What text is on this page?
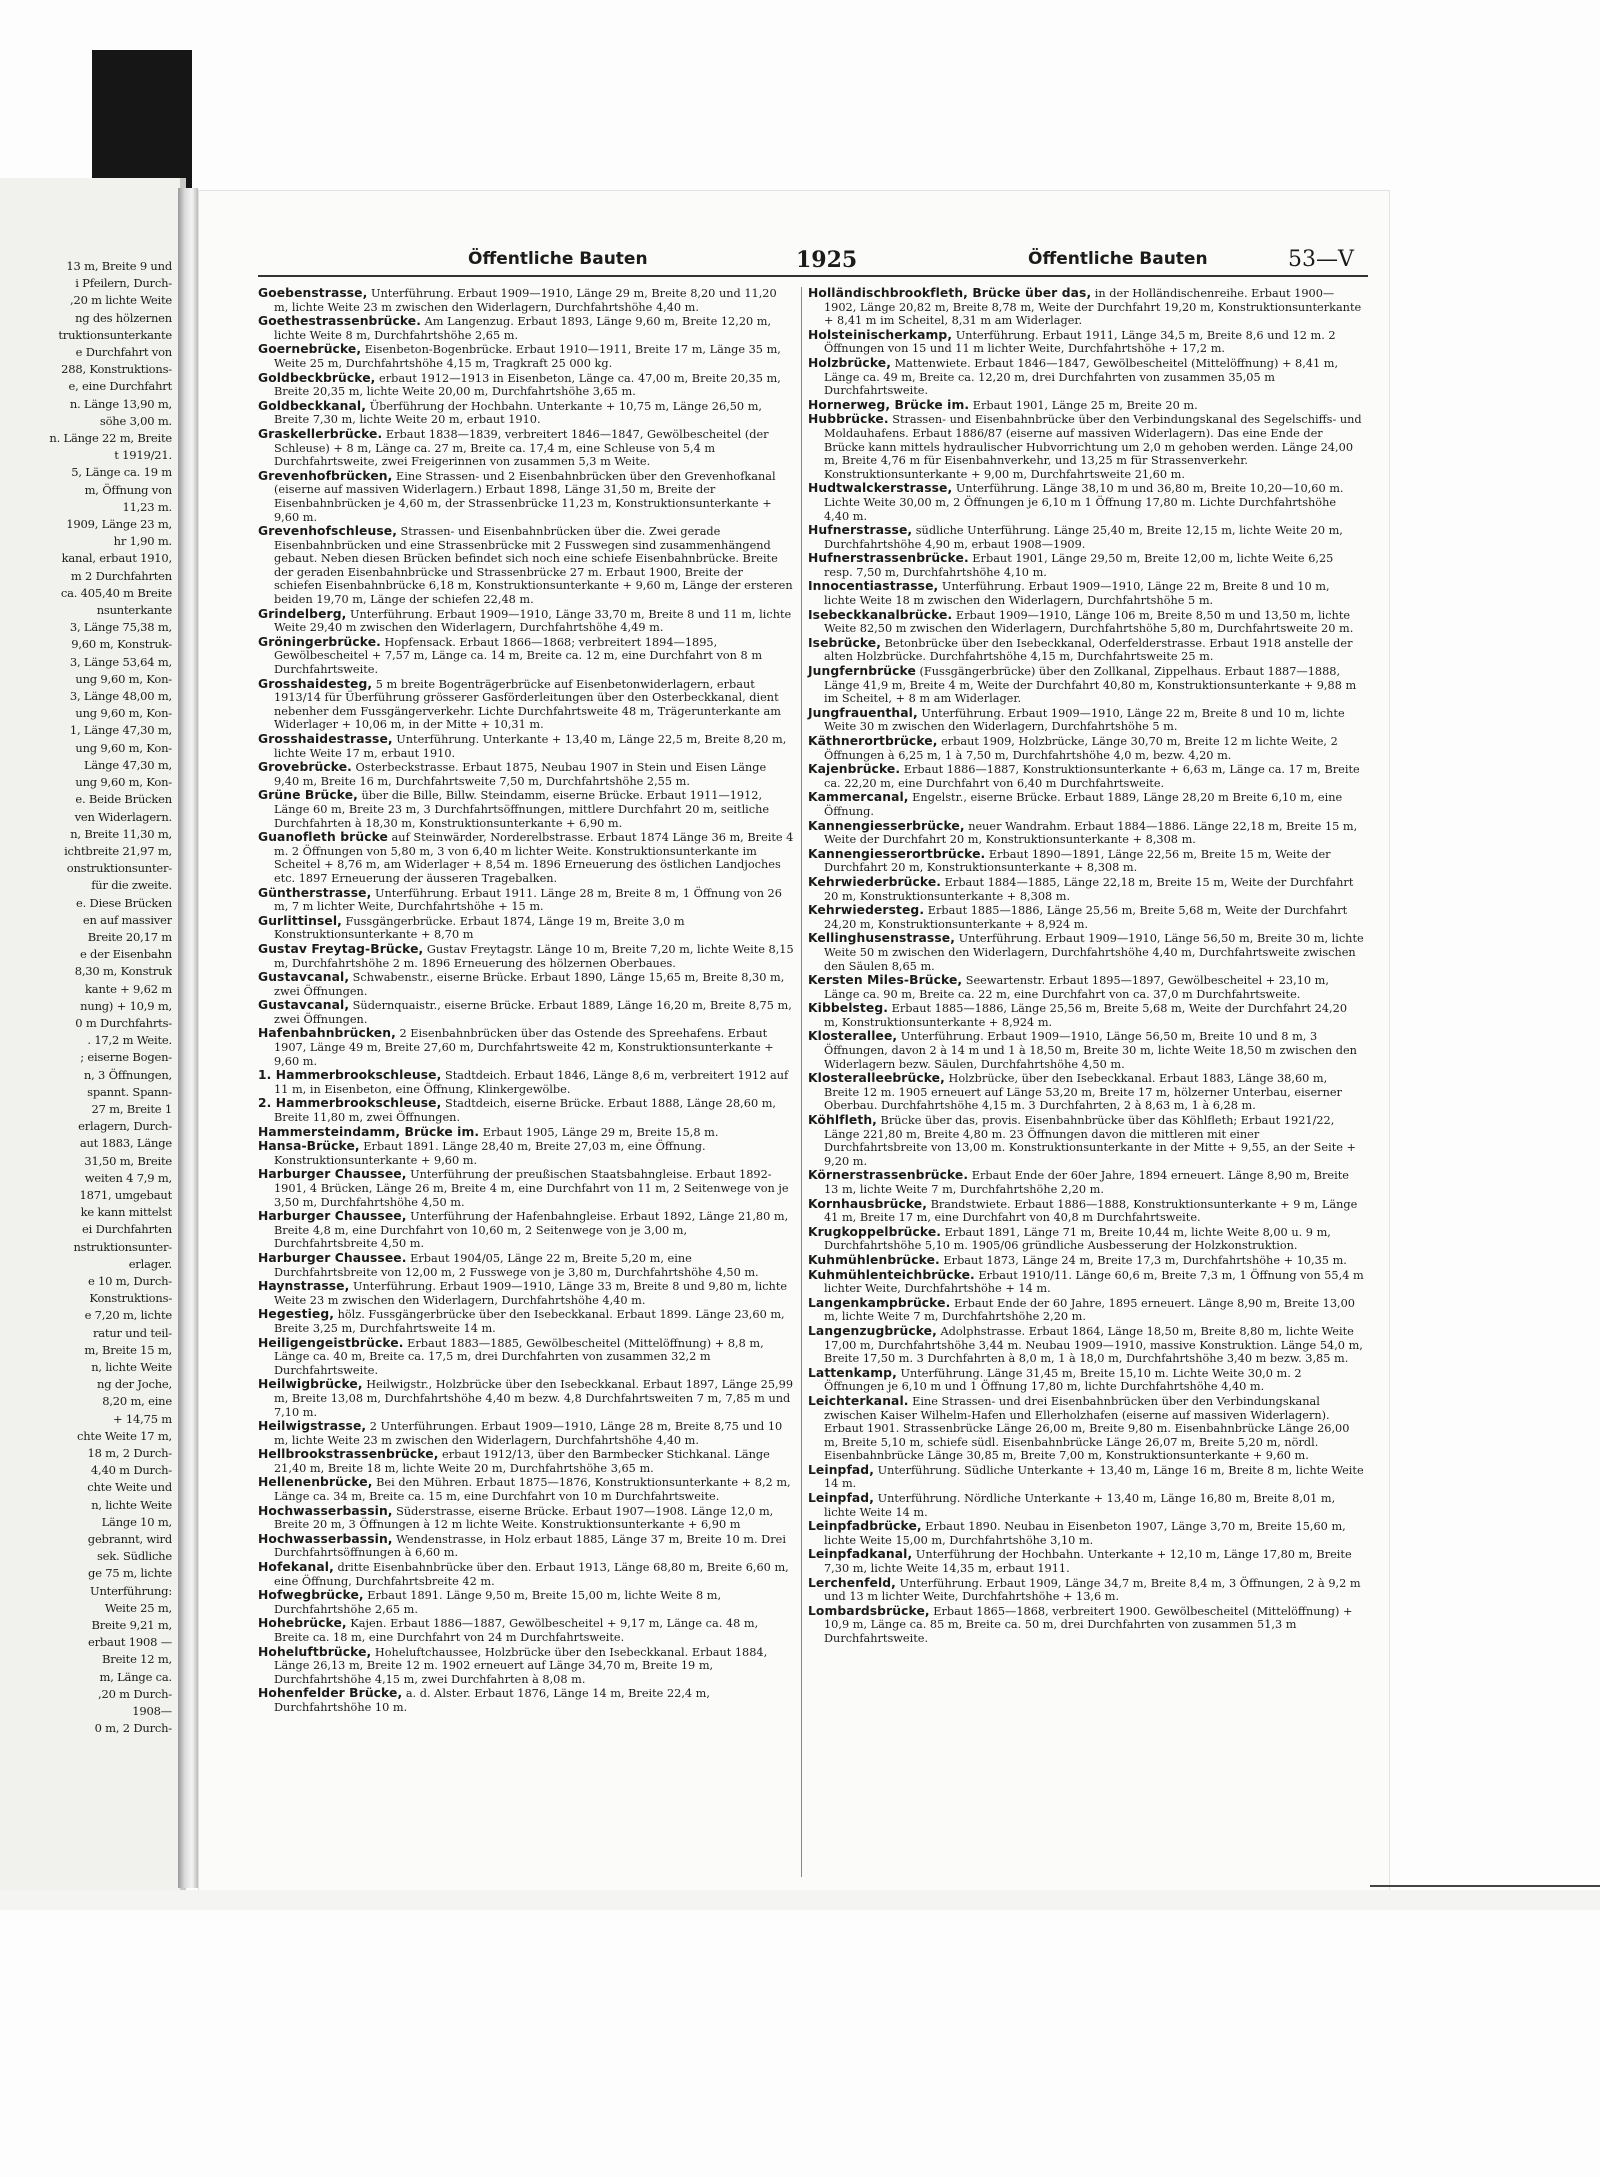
13 m, Breite 9 und
i Pfeilern, Durch-
,20 m lichte Weite
ng des hölzernen
truktionsunterkante
e Durchfahrt von
288, Konstruktions-
e, eine Durchfahrt
n. Länge 13,90 m,
söhe 3,00 m.
n. Länge 22 m, Breite
t 1919/21.
5, Länge ca. 19 m
m, Öffnung von
11,23 m.
1909, Länge 23 m,
hr 1,90 m.
kanal, erbaut 1910,
m 2 Durchfahrten
ca. 405,40 m Breite
nsunterkante
3, Länge 75,38 m,
9,60 m, Konstruk-
3, Länge 53,64 m,
ung 9,60 m, Kon-
3, Länge 48,00 m,
ung 9,60 m, Kon-
1, Länge 47,30 m,
ung 9,60 m, Kon-
Länge 47,30 m,
ung 9,60 m, Kon-
e. Beide Brücken
ven Widerlagern.
n, Breite 11,30 m,
ichtbreite 21,97 m,
onstruktionsunter-
für die zweite.
e. Diese Brücken
en auf massiver
Breite 20,17 m
e der Eisenbahn
8,30 m, Konstruk
kante + 9,62 m
nung) + 10,9 m,
0 m Durchfahrts-
. 17,2 m Weite.
; eiserne Bogen-
n, 3 Öffnungen,
spannt. Spann-
27 m, Breite 1
erlagern, Durch-
aut 1883, Länge
31,50 m, Breite
weiten 4 7,9 m,
1871, umgebaut
ke kann mittelst
ei Durchfahrten
nstruktionsunter-
erlager.
e 10 m, Durch-
Konstruktions-
e 7,20 m, lichte
ratur und teil-
m, Breite 15 m,
n, lichte Weite
ng der Joche,
8,20 m, eine
+ 14,75 m
chte Weite 17 m,
18 m, 2 Durch-
4,40 m Durch-
chte Weite und
n, lichte Weite
Länge 10 m,
gebrannt, wird
sek. Südliche
ge 75 m, lichte
Unterführung:
Weite 25 m,
Breite 9,21 m,
erbaut 1908 —
Breite 12 m,
m, Länge ca.
,20 m Durch-
1908—
0 m, 2 Durch-
Öffentliche Bauten	1925	Öffentliche Bauten	53—V

Goebenstrasse, Unterführung. Erbaut 1909—1910, Länge 29 m, Breite 8,20 und 11,20 m, lichte Weite 23 m zwischen den Widerlagern, Durchfahrtshöhe 4,40 m.

Goethestrassenbrücke. Am Langenzug. Erbaut 1893, Länge 9,60 m, Breite 12,20 m, lichte Weite 8 m, Durchfahrtshöhe 2,65 m.

Goernebrücke, Eisenbeton-Bogenbrücke. Erbaut 1910—1911, Breite 17 m, Länge 35 m, Weite 25 m, Durchfahrtshöhe 4,15 m, Tragkraft 25 000 kg.

Goldbeckbrücke, erbaut 1912—1913 in Eisenbeton, Länge ca. 47,00 m, Breite 20,35 m, Breite 20,35 m, lichte Weite 20,00 m, Durchfahrtshöhe 3,65 m.

Goldbeckkanal, Überführung der Hochbahn. Unterkante + 10,75 m, Länge 26,50 m, Breite 7,30 m, lichte Weite 20 m, erbaut 1910.

Graskellerbrücke. Erbaut 1838—1839, verbreitert 1846—1847, Gewölbescheitel (der Schleuse) + 8 m, Länge ca. 27 m, Breite ca. 17,4 m, eine Schleuse von 5,4 m Durchfahrtsweite, zwei Freigerinnen von zusammen 5,3 m Weite.

Grevenhofbrücken, Eine Strassen- und 2 Eisenbahnbrücken über den Grevenhofkanal (eiserne auf massiven Widerlagern.) Erbaut 1898, Länge 31,50 m, Breite der Eisenbahnbrücken je 4,60 m, der Strassenbrücke 11,23 m, Konstruktionsunterkante + 9,60 m.

Grevenhofschleuse, Strassen- und Eisenbahnbrücken über die. Zwei gerade Eisenbahnbrücken und eine Strassenbrücke mit 2 Fusswegen sind zusammenhängend gebaut. Neben diesen Brücken befindet sich noch eine schiefe Eisenbahnbrücke. Breite der geraden Eisenbahnbrücke und Strassenbrücke 27 m. Erbaut 1900, Breite der schiefen Eisenbahnbrücke 6,18 m, Konstruktionsunterkante + 9,60 m, Länge der ersteren beiden 19,70 m, Länge der schiefen 22,48 m.

Grindelberg, Unterführung. Erbaut 1909—1910, Länge 33,70 m, Breite 8 und 11 m, lichte Weite 29,40 m zwischen den Widerlagern, Durchfahrtshöhe 4,49 m.

Gröningerbrücke. Hopfensack. Erbaut 1866—1868; verbreitert 1894—1895, Gewölbescheitel + 7,57 m, Länge ca. 14 m, Breite ca. 12 m, eine Durchfahrt von 8 m Durchfahrtsweite.

Grosshaidesteg, 5 m breite Bogenträgerbrücke auf Eisenbetonwiderlagern, erbaut 1913/14 für Überführung grösserer Gasförderleitungen über den Osterbeckkanal, dient nebenher dem Fussgängerverkehr. Lichte Durchfahrtsweite 48 m, Trägerunterkante am Widerlager + 10,06 m, in der Mitte + 10,31 m.

Grosshaidestrasse, Unterführung. Unterkante + 13,40 m, Länge 22,5 m, Breite 8,20 m, lichte Weite 17 m, erbaut 1910.

Grovebrücke. Osterbeckstrasse. Erbaut 1875, Neubau 1907 in Stein und Eisen Länge 9,40 m, Breite 16 m, Durchfahrtsweite 7,50 m, Durchfahrtshöhe 2,55 m.

Grüne Brücke, über die Bille, Billw. Steindamm, eiserne Brücke. Erbaut 1911—1912, Länge 60 m, Breite 23 m, 3 Durchfahrtsöffnungen, mittlere Durchfahrt 20 m, seitliche Durchfahrten à 18,30 m, Konstruktionsunterkante + 6,90 m.

Guanofleth brücke auf Steinwärder, Norderelbstrasse. Erbaut 1874 Länge 36 m, Breite 4 m. 2 Öffnungen von 5,80 m, 3 von 6,40 m lichter Weite. Konstruktionsunterkante im Scheitel + 8,76 m, am Widerlager + 8,54 m. 1896 Erneuerung des östlichen Landjoches etc. 1897 Erneuerung der äusseren Tragebalken.

Güntherstrasse, Unterführung. Erbaut 1911. Länge 28 m, Breite 8 m, 1 Öffnung von 26 m, 7 m lichter Weite, Durchfahrtshöhe + 15 m.

Gurlittinsel, Fussgängerbrücke. Erbaut 1874, Länge 19 m, Breite 3,0 m Konstruktionsunterkante + 8,70 m

Gustav Freytag-Brücke, Gustav Freytagstr. Länge 10 m, Breite 7,20 m, lichte Weite 8,15 m, Durchfahrtshöhe 2 m. 1896 Erneuerung des hölzernen Oberbaues.

Gustavcanal, Schwabenstr., eiserne Brücke. Erbaut 1890, Länge 15,65 m, Breite 8,30 m, zwei Öffnungen.

Gustavcanal, Südernquaistr., eiserne Brücke. Erbaut 1889, Länge 16,20 m, Breite 8,75 m, zwei Öffnungen.

Hafenbahnbrücken, 2 Eisenbahnbrücken über das Ostende des Spreehafens. Erbaut 1907, Länge 49 m, Breite 27,60 m, Durchfahrtsweite 42 m, Konstruktionsunterkante + 9,60 m.

1. Hammerbrookschleuse, Stadtdeich. Erbaut 1846, Länge 8,6 m, verbreitert 1912 auf 11 m, in Eisenbeton, eine Öffnung, Klinkergewölbe.

2. Hammerbrookschleuse, Stadtdeich, eiserne Brücke. Erbaut 1888, Länge 28,60 m, Breite 11,80 m, zwei Öffnungen.

Hammersteindamm, Brücke im. Erbaut 1905, Länge 29 m, Breite 15,8 m.

Hansa-Brücke, Erbaut 1891. Länge 28,40 m, Breite 27,03 m, eine Öffnung. Konstruktionsunterkante + 9,60 m.

Harburger Chaussee, Unterführung der preußischen Staatsbahngleise. Erbaut 1892-1901, 4 Brücken, Länge 26 m, Breite 4 m, eine Durchfahrt von 11 m, 2 Seitenwege von je 3,50 m, Durchfahrtshöhe 4,50 m.

Harburger Chaussee, Unterführung der Hafenbahngleise. Erbaut 1892, Länge 21,80 m, Breite 4,8 m, eine Durchfahrt von 10,60 m, 2 Seitenwege von je 3,00 m, Durchfahrtsbreite 4,50 m.

Harburger Chaussee. Erbaut 1904/05, Länge 22 m, Breite 5,20 m, eine Durchfahrtsbreite von 12,00 m, 2 Fusswege von je 3,80 m, Durchfahrtshöhe 4,50 m.

Haynstrasse, Unterführung. Erbaut 1909—1910, Länge 33 m, Breite 8 und 9,80 m, lichte Weite 23 m zwischen den Widerlagern, Durchfahrtshöhe 4,40 m.

Hegestieg, hölz. Fussgängerbrücke über den Isebeckkanal. Erbaut 1899. Länge 23,60 m, Breite 3,25 m, Durchfahrtsweite 14 m.

Heiligengeistbrücke. Erbaut 1883—1885, Gewölbescheitel (Mittelöffnung) + 8,8 m, Länge ca. 40 m, Breite ca. 17,5 m, drei Durchfahrten von zusammen 32,2 m Durchfahrtsweite.

Heilwigbrücke, Heilwigstr., Holzbrücke über den Isebeckkanal. Erbaut 1897, Länge 25,99 m, Breite 13,08 m, Durchfahrtshöhe 4,40 m bezw. 4,8 Durchfahrtsweiten 7 m, 7,85 m und 7,10 m.

Heilwigstrasse, 2 Unterführungen. Erbaut 1909—1910, Länge 28 m, Breite 8,75 und 10 m, lichte Weite 23 m zwischen den Widerlagern, Durchfahrtshöhe 4,40 m.

Hellbrookstrassenbrücke, erbaut 1912/13, über den Barmbecker Stichkanal. Länge 21,40 m, Breite 18 m, lichte Weite 20 m, Durchfahrtshöhe 3,65 m.

Hellenenbrücke, Bei den Mühren. Erbaut 1875—1876, Konstruktionsunterkante + 8,2 m, Länge ca. 34 m, Breite ca. 15 m, eine Durchfahrt von 10 m Durchfahrtsweite.

Hochwasserbassin, Süderstrasse, eiserne Brücke. Erbaut 1907—1908. Länge 12,0 m, Breite 20 m, 3 Öffnungen à 12 m lichte Weite. Konstruktionsunterkante + 6,90 m

Hochwasserbassin, Wendenstrasse, in Holz erbaut 1885, Länge 37 m, Breite 10 m. Drei Durchfahrtsöffnungen à 6,60 m.

Hofekanal, dritte Eisenbahnbrücke über den. Erbaut 1913, Länge 68,80 m, Breite 6,60 m, eine Öffnung, Durchfahrtsbreite 42 m.

Hofwegbrücke, Erbaut 1891. Länge 9,50 m, Breite 15,00 m, lichte Weite 8 m, Durchfahrtshöhe 2,65 m.

Hohebrücke, Kajen. Erbaut 1886—1887, Gewölbescheitel + 9,17 m, Länge ca. 48 m, Breite ca. 18 m, eine Durchfahrt von 24 m Durchfahrtsweite.

Hoheluftbrücke, Hoheluftchaussee, Holzbrücke über den Isebeckkanal. Erbaut 1884, Länge 26,13 m, Breite 12 m. 1902 erneuert auf Länge 34,70 m, Breite 19 m, Durchfahrtshöhe 4,15 m, zwei Durchfahrten à 8,08 m.

Hohenfelder Brücke, a. d. Alster. Erbaut 1876, Länge 14 m, Breite 22,4 m, Durchfahrtshöhe 10 m.

Holländischbrookfleth, Brücke über das, in der Holländischenreihe. Erbaut 1900—1902, Länge 20,82 m, Breite 8,78 m, Weite der Durchfahrt 19,20 m, Konstruktionsunterkante + 8,41 m im Scheitel, 8,31 m am Widerlager.

Holsteinischerkamp, Unterführung. Erbaut 1911, Länge 34,5 m, Breite 8,6 und 12 m. 2 Öffnungen von 15 und 11 m lichter Weite, Durchfahrtshöhe + 17,2 m.

Holzbrücke, Mattenwiete. Erbaut 1846—1847, Gewölbescheitel (Mittelöffnung) + 8,41 m, Länge ca. 49 m, Breite ca. 12,20 m, drei Durchfahrten von zusammen 35,05 m Durchfahrtsweite.

Hornerweg, Brücke im. Erbaut 1901, Länge 25 m, Breite 20 m.

Hubbrücke. Strassen- und Eisenbahnbrücke über den Verbindungskanal des Segelschiffs- und Moldauhafens. Erbaut 1886/87 (eiserne auf massiven Widerlagern). Das eine Ende der Brücke kann mittels hydraulischer Hubvorrichtung um 2,0 m gehoben werden. Länge 24,00 m, Breite 4,76 m für Eisenbahnverkehr, und 13,25 m für Strassenverkehr. Konstruktionsunterkante + 9,00 m, Durchfahrtsweite 21,60 m.

Hudtwalckerstrasse, Unterführung. Länge 38,10 m und 36,80 m, Breite 10,20—10,60 m. Lichte Weite 30,00 m, 2 Öffnungen je 6,10 m 1 Öffnung 17,80 m. Lichte Durchfahrtshöhe 4,40 m.

Hufnerstrasse, südliche Unterführung. Länge 25,40 m, Breite 12,15 m, lichte Weite 20 m, Durchfahrtshöhe 4,90 m, erbaut 1908—1909.

Hufnerstrassenbrücke. Erbaut 1901, Länge 29,50 m, Breite 12,00 m, lichte Weite 6,25 resp. 7,50 m, Durchfahrtshöhe 4,10 m.

Innocentiastrasse, Unterführung. Erbaut 1909—1910, Länge 22 m, Breite 8 und 10 m, lichte Weite 18 m zwischen den Widerlagern, Durchfahrtshöhe 5 m.

Isebeckkanalbrücke. Erbaut 1909—1910, Länge 106 m, Breite 8,50 m und 13,50 m, lichte Weite 82,50 m zwischen den Widerlagern, Durchfahrtshöhe 5,80 m, Durchfahrtsweite 20 m.

Isebrücke, Betonbrücke über den Isebeckkanal, Oderfelderstrasse. Erbaut 1918 anstelle der alten Holzbrücke. Durchfahrtshöhe 4,15 m, Durchfahrtsweite 25 m.

Jungfernbrücke (Fussgängerbrücke) über den Zollkanal, Zippelhaus. Erbaut 1887—1888, Länge 41,9 m, Breite 4 m, Weite der Durchfahrt 40,80 m, Konstruktionsunterkante + 9,88 m im Scheitel, + 8 m am Widerlager.

Jungfrauenthal, Unterführung. Erbaut 1909—1910, Länge 22 m, Breite 8 und 10 m, lichte Weite 30 m zwischen den Widerlagern, Durchfahrtshöhe 5 m.

Käthnerortbrücke, erbaut 1909, Holzbrücke, Länge 30,70 m, Breite 12 m lichte Weite, 2 Öffnungen à 6,25 m, 1 à 7,50 m, Durchfahrtshöhe 4,0 m, bezw. 4,20 m.

Kajenbrücke. Erbaut 1886—1887, Konstruktionsunterkante + 6,63 m, Länge ca. 17 m, Breite ca. 22,20 m, eine Durchfahrt von 6,40 m Durchfahrtsweite.

Kammercanal, Engelstr., eiserne Brücke. Erbaut 1889, Länge 28,20 m Breite 6,10 m, eine Öffnung.

Kannengiesserbrücke, neuer Wandrahm. Erbaut 1884—1886. Länge 22,18 m, Breite 15 m, Weite der Durchfahrt 20 m, Konstruktionsunterkante + 8,308 m.

Kannengiesserortbrücke. Erbaut 1890—1891, Länge 22,56 m, Breite 15 m, Weite der Durchfahrt 20 m, Konstruktionsunterkante + 8,308 m.

Kehrwiederbrücke. Erbaut 1884—1885, Länge 22,18 m, Breite 15 m, Weite der Durchfahrt 20 m, Konstruktionsunterkante + 8,308 m.

Kehrwiedersteg. Erbaut 1885—1886, Länge 25,56 m, Breite 5,68 m, Weite der Durchfahrt 24,20 m, Konstruktionsunterkante + 8,924 m.

Kellinghusenstrasse, Unterführung. Erbaut 1909—1910, Länge 56,50 m, Breite 30 m, lichte Weite 50 m zwischen den Widerlagern, Durchfahrtshöhe 4,40 m, Durchfahrtsweite zwischen den Säulen 8,65 m.

Kersten Miles-Brücke, Seewartenstr. Erbaut 1895—1897, Gewölbescheitel + 23,10 m, Länge ca. 90 m, Breite ca. 22 m, eine Durchfahrt von ca. 37,0 m Durchfahrtsweite.

Kibbelsteg. Erbaut 1885—1886, Länge 25,56 m, Breite 5,68 m, Weite der Durchfahrt 24,20 m, Konstruktionsunterkante + 8,924 m.

Klosterallee, Unterführung. Erbaut 1909—1910, Länge 56,50 m, Breite 10 und 8 m, 3 Öffnungen, davon 2 à 14 m und 1 à 18,50 m, Breite 30 m, lichte Weite 18,50 m zwischen den Widerlagern bezw. Säulen, Durchfahrtshöhe 4,50 m.

Klosteralleebrücke, Holzbrücke, über den Isebeckkanal. Erbaut 1883, Länge 38,60 m, Breite 12 m. 1905 erneuert auf Länge 53,20 m, Breite 17 m, hölzerner Unterbau, eiserner Oberbau. Durchfahrtshöhe 4,15 m. 3 Durchfahrten, 2 à 8,63 m, 1 à 6,28 m.

Köhlfleth, Brücke über das, provis. Eisenbahnbrücke über das Köhlfleth; Erbaut 1921/22, Länge 221,80 m, Breite 4,80 m. 23 Öffnungen davon die mittleren mit einer Durchfahrtsbreite von 13,00 m. Konstruktionsunterkante in der Mitte + 9,55, an der Seite + 9,20 m.

Körnerstrassenbrücke. Erbaut Ende der 60er Jahre, 1894 erneuert. Länge 8,90 m, Breite 13 m, lichte Weite 7 m, Durchfahrtshöhe 2,20 m.

Kornhausbrücke, Brandstwiete. Erbaut 1886—1888, Konstruktionsunterkante + 9 m, Länge 41 m, Breite 17 m, eine Durchfahrt von 40,8 m Durchfahrtsweite.

Krugkoppelbrücke. Erbaut 1891, Länge 71 m, Breite 10,44 m, lichte Weite 8,00 u. 9 m, Durchfahrtshöhe 5,10 m. 1905/06 gründliche Ausbesserung der Holzkonstruktion.

Kuhmühlenbrücke. Erbaut 1873, Länge 24 m, Breite 17,3 m, Durchfahrtshöhe + 10,35 m.

Kuhmühlenteichbrücke. Erbaut 1910/11. Länge 60,6 m, Breite 7,3 m, 1 Öffnung von 55,4 m lichter Weite, Durchfahrtshöhe + 14 m.

Langenkampbrücke. Erbaut Ende der 60 Jahre, 1895 erneuert. Länge 8,90 m, Breite 13,00 m, lichte Weite 7 m, Durchfahrtshöhe 2,20 m.

Langenzugbrücke, Adolphstrasse. Erbaut 1864, Länge 18,50 m, Breite 8,80 m, lichte Weite 17,00 m, Durchfahrtshöhe 3,44 m. Neubau 1909—1910, massive Konstruktion. Länge 54,0 m, Breite 17,50 m. 3 Durchfahrten à 8,0 m, 1 à 18,0 m, Durchfahrtshöhe 3,40 m bezw. 3,85 m.

Lattenkamp, Unterführung. Länge 31,45 m, Breite 15,10 m. Lichte Weite 30,0 m. 2 Öffnungen je 6,10 m und 1 Öffnung 17,80 m, lichte Durchfahrtshöhe 4,40 m.

Leichterkanal. Eine Strassen- und drei Eisenbahnbrücken über den Verbindungskanal zwischen Kaiser Wilhelm-Hafen und Ellerholzhafen (eiserne auf massiven Widerlagern). Erbaut 1901. Strassenbrücke Länge 26,00 m, Breite 9,80 m. Eisenbahnbrücke Länge 26,00 m, Breite 5,10 m, schiefe südl. Eisenbahnbrücke Länge 26,07 m, Breite 5,20 m, nördl. Eisenbahnbrücke Länge 30,85 m, Breite 7,00 m, Konstruktionsunterkante + 9,60 m.

Leinpfad, Unterführung. Südliche Unterkante + 13,40 m, Länge 16 m, Breite 8 m, lichte Weite 14 m.

Leinpfad, Unterführung. Nördliche Unterkante + 13,40 m, Länge 16,80 m, Breite 8,01 m, lichte Weite 14 m.

Leinpfadbrücke, Erbaut 1890. Neubau in Eisenbeton 1907, Länge 3,70 m, Breite 15,60 m, lichte Weite 15,00 m, Durchfahrtshöhe 3,10 m.

Leinpfadkanal, Unterführung der Hochbahn. Unterkante + 12,10 m, Länge 17,80 m, Breite 7,30 m, lichte Weite 14,35 m, erbaut 1911.

Lerchenfeld, Unterführung. Erbaut 1909, Länge 34,7 m, Breite 8,4 m, 3 Öffnungen, 2 à 9,2 m und 13 m lichter Weite, Durchfahrtshöhe + 13,6 m.

Lombardsbrücke, Erbaut 1865—1868, verbreitert 1900. Gewölbescheitel (Mittelöffnung) + 10,9 m, Länge ca. 85 m, Breite ca. 50 m, drei Durchfahrten von zusammen 51,3 m Durchfahrtsweite.
